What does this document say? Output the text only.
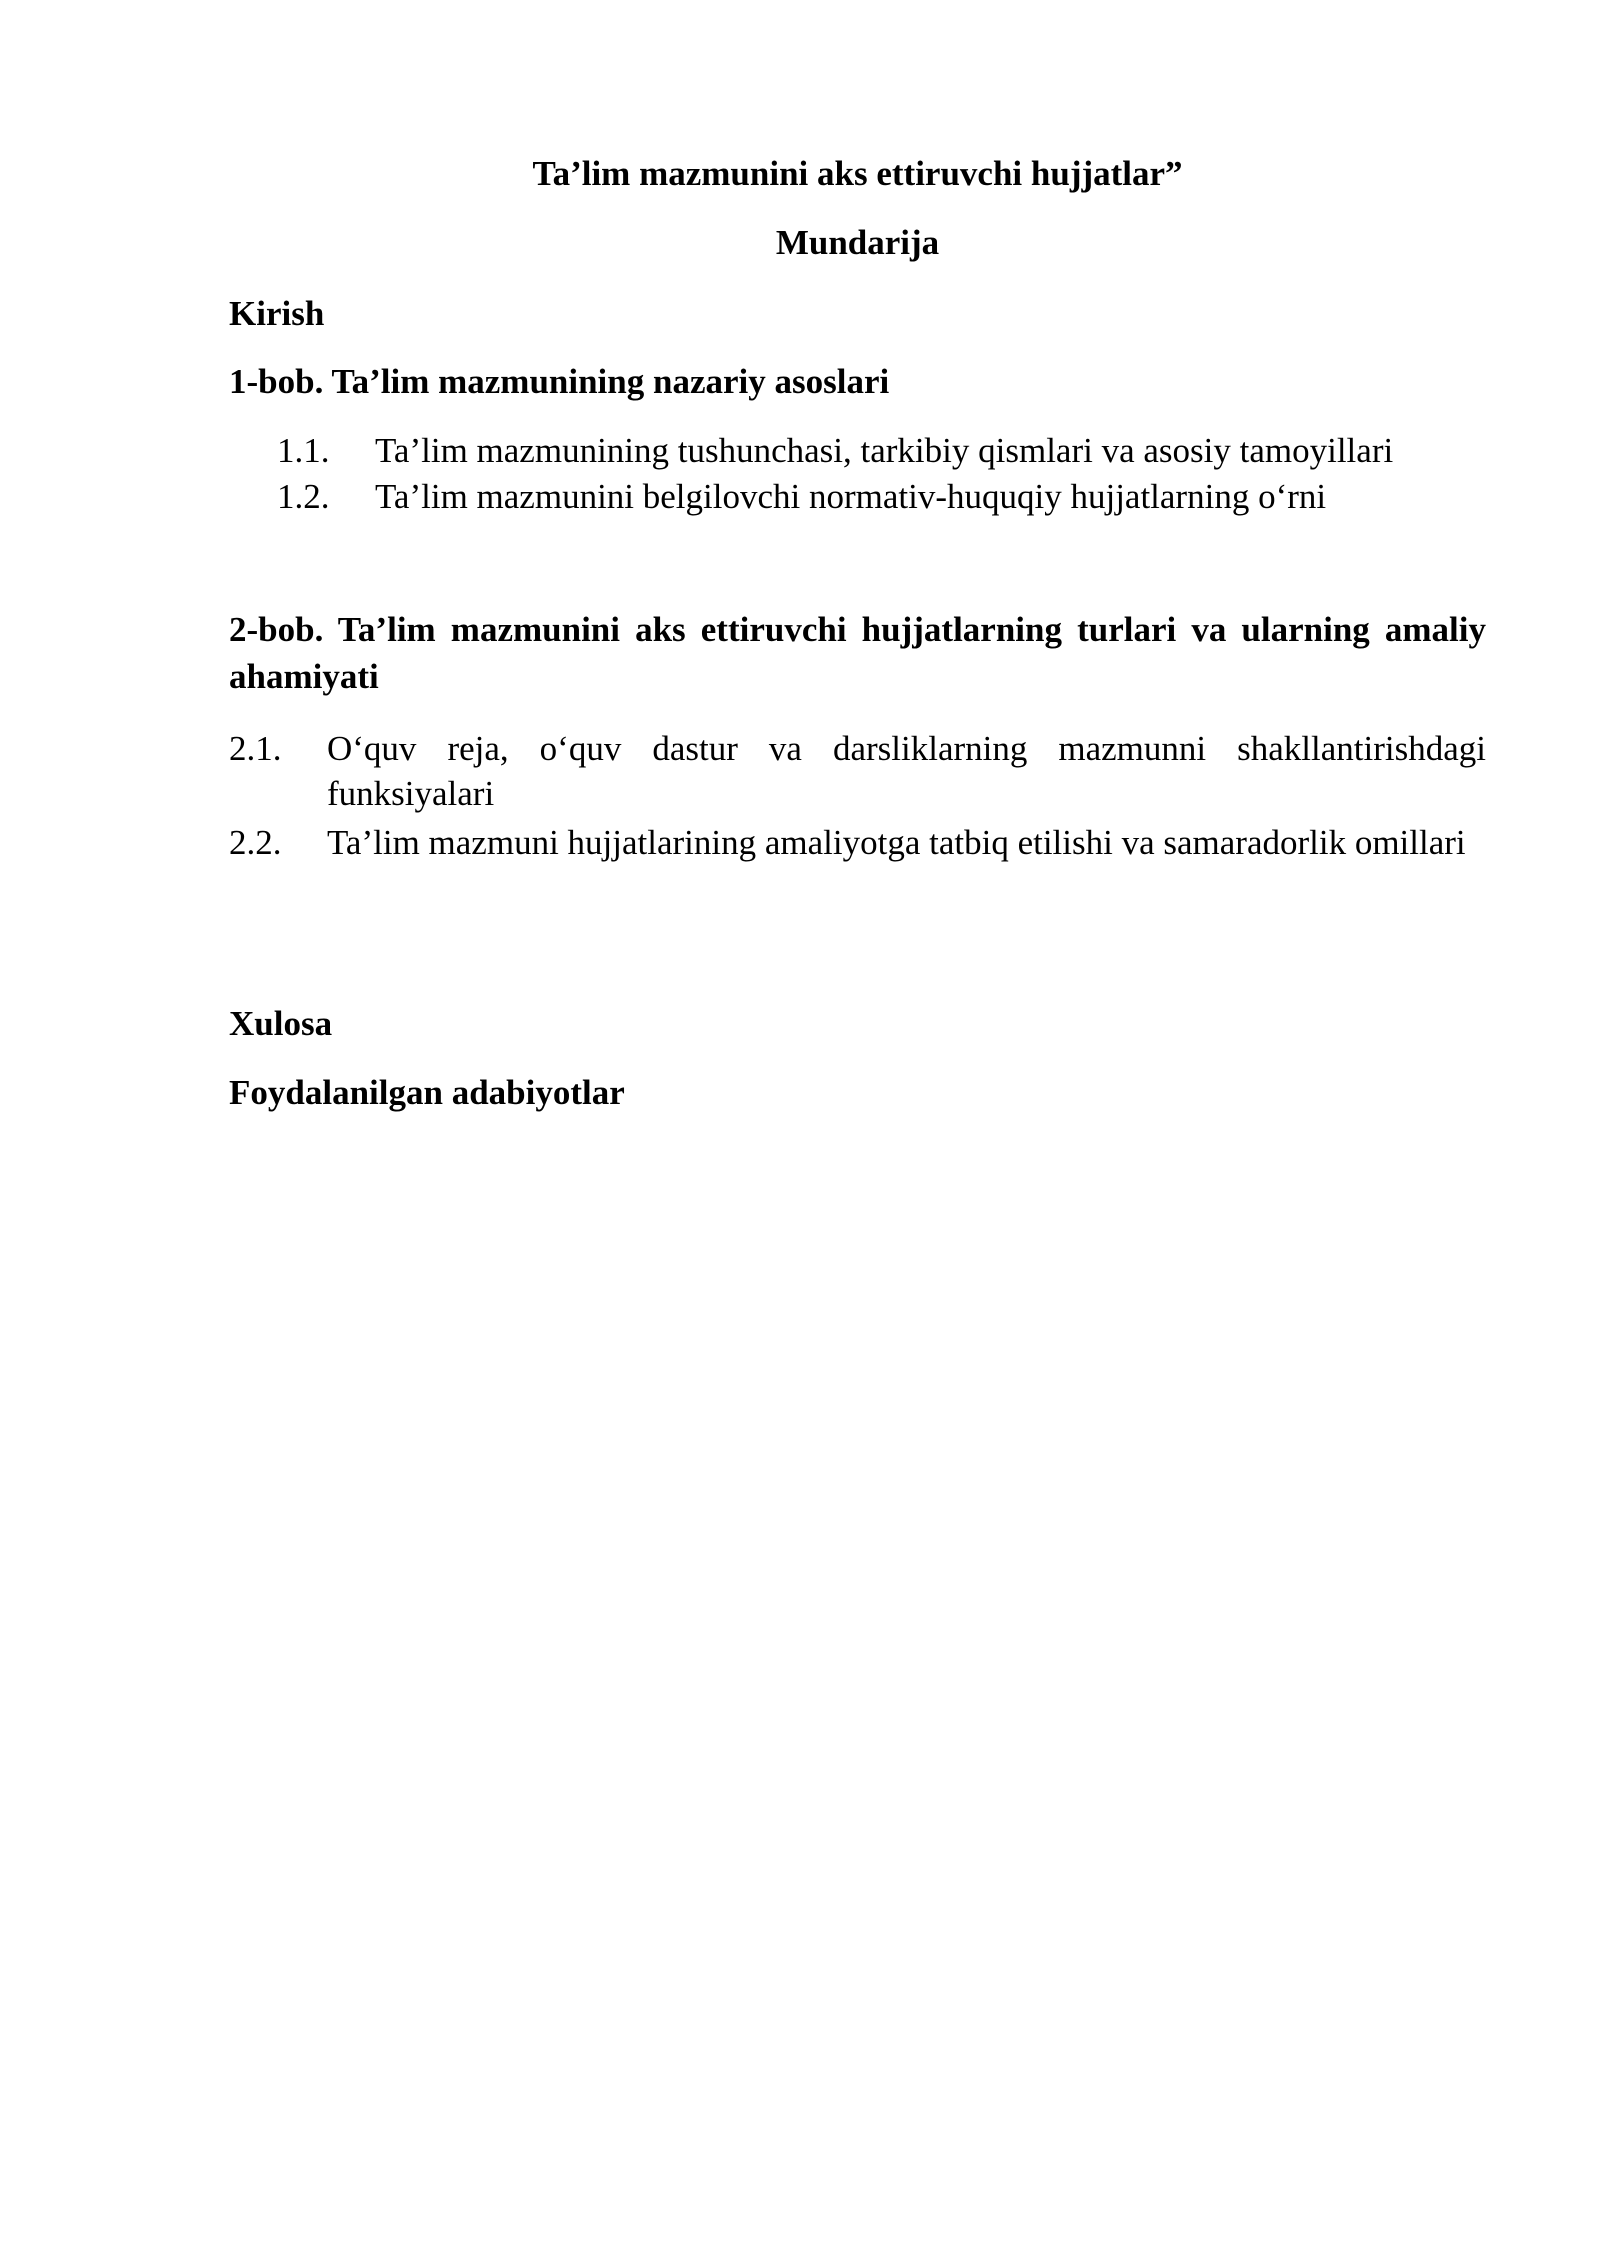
Ta’lim mazmunini aks ettiruvchi hujjatlar”

Mundarija

Kirish

1-bob. Ta’lim mazmunining nazariy asoslari

1.1. Ta’lim mazmunining tushunchasi, tarkibiy qismlari va asosiy tamoyillari
1.2. Ta’lim mazmunini belgilovchi normativ-huquqiy hujjatlarning o‘rni

2-bob. Ta’lim mazmunini aks ettiruvchi hujjatlarning turlari va ularning amaliy ahamiyati

2.1. O‘quv reja, o‘quv dastur va darsliklarning mazmunni shakllantirishdagi funksiyalari
2.2. Ta’lim mazmuni hujjatlarining amaliyotga tatbiq etilishi va samaradorlik omillari

Xulosa

Foydalanilgan adabiyotlar
